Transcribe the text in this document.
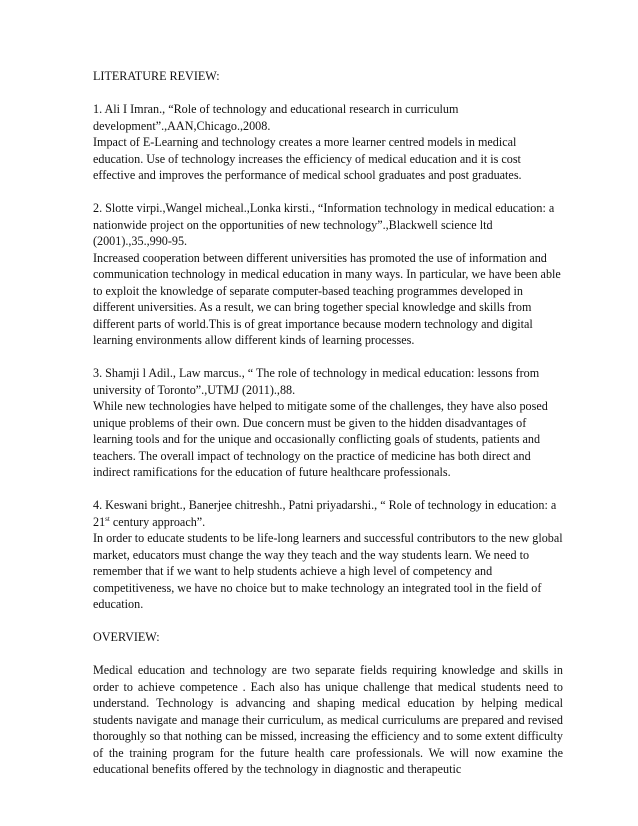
LITERATURE REVIEW:

1. Ali I Imran., “Role of technology and educational research in curriculum development”.,AAN,Chicago.,2008.

Impact of E-Learning and technology creates a more learner centred models in medical education. Use of technology increases the efficiency of medical education and it is cost effective and improves the performance of medical school graduates and post graduates.

2. Slotte virpi.,Wangel micheal.,Lonka kirsti., “Information technology in medical education: a nationwide project on the opportunities of new technology”.,Blackwell science ltd (2001).,35.,990-95.

Increased cooperation between different universities has promoted the use of information and communication technology in medical education in many ways. In particular, we have been able to exploit the knowledge of separate computer-based teaching programmes developed in different universities. As a result, we can bring together special knowledge and skills from different parts of world.This is of great importance because modern technology and digital learning environments allow different kinds of learning processes.

3. Shamji l Adil., Law marcus., “ The role of technology in medical education: lessons from university of Toronto”.,UTMJ (2011).,88.

While new technologies have helped to mitigate some of the challenges, they have also posed unique problems of their own. Due concern must be given to the hidden disadvantages of learning tools and for the unique and occasionally conflicting goals of students, patients and teachers. The overall impact of technology on the practice of medicine has both direct and indirect ramifications for the education of future healthcare professionals.

4. Keswani bright., Banerjee chitreshh., Patni priyadarshi., “ Role of technology in education: a 21st century approach”.

In order to educate students to be life-long learners and successful contributors to the new global market, educators must change the way they teach and the way students learn. We need to remember that if we want to help students achieve a high level of competency and competitiveness, we have no choice but to make technology an integrated tool in the field of education.

OVERVIEW:

Medical education and technology are two separate fields requiring knowledge and skills in order to achieve competence . Each also has unique challenge that medical students need to understand. Technology is advancing and shaping medical education by helping medical students navigate and manage their curriculum, as medical curriculums are prepared and revised thoroughly so that nothing can be missed, increasing the efficiency and to some extent difficulty of the training program for the future health care professionals. We will now examine the educational benefits offered by the technology in diagnostic and therapeutic
